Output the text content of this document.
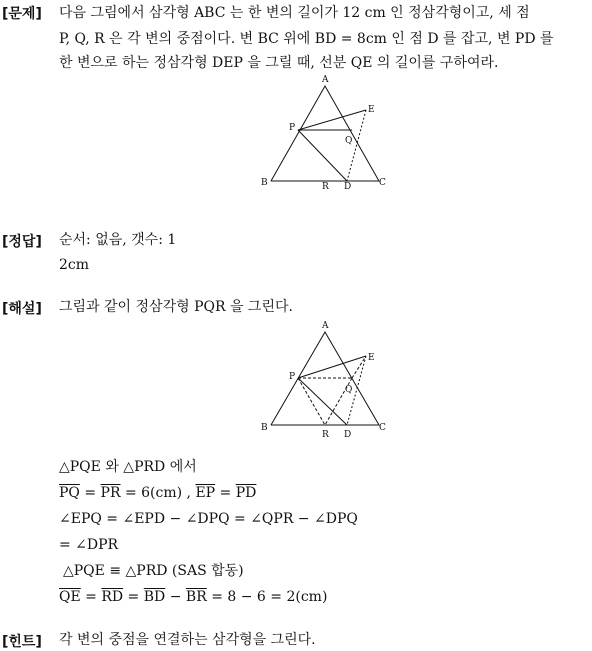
[문제] 다음 그림에서 삼각형 ABC 는 한 변의 길이가 12 cm 인 정삼각형이고, 세 점
P, Q, R 은 각 변의 중점이다. 변 BC 위에 BD = 8cm 인 점 D 를 잡고, 변 PD 를
한 변으로 하는 정삼각형 DEP 을 그릴 때, 선분 QE 의 길이를 구하여라.
A
B	C
D
R
P
E
Q
[정답] 순서: 없음, 갯수: 1
2cm
[해설] 그림과 같이 정삼각형 PQR 을 그린다.
A
B	C
D
R
P
E
Q
△PQE 와 △PRD 에서
$\overline{PQ} = \overline{PR} = 6(cm)$ , $\overline{EP} = \overline{PD}$
∠EPQ = ∠EPD − ∠DPQ = ∠QPR − ∠DPQ
= ∠DPR
△PQE ≡ △PRD (SAS 합동)
$\overline{QE} = \overline{RD} = \overline{BD} - \overline{BR} = 8 - 6 = 2(cm)$
[힌트] 각 변의 중점을 연결하는 삼각형을 그린다.
